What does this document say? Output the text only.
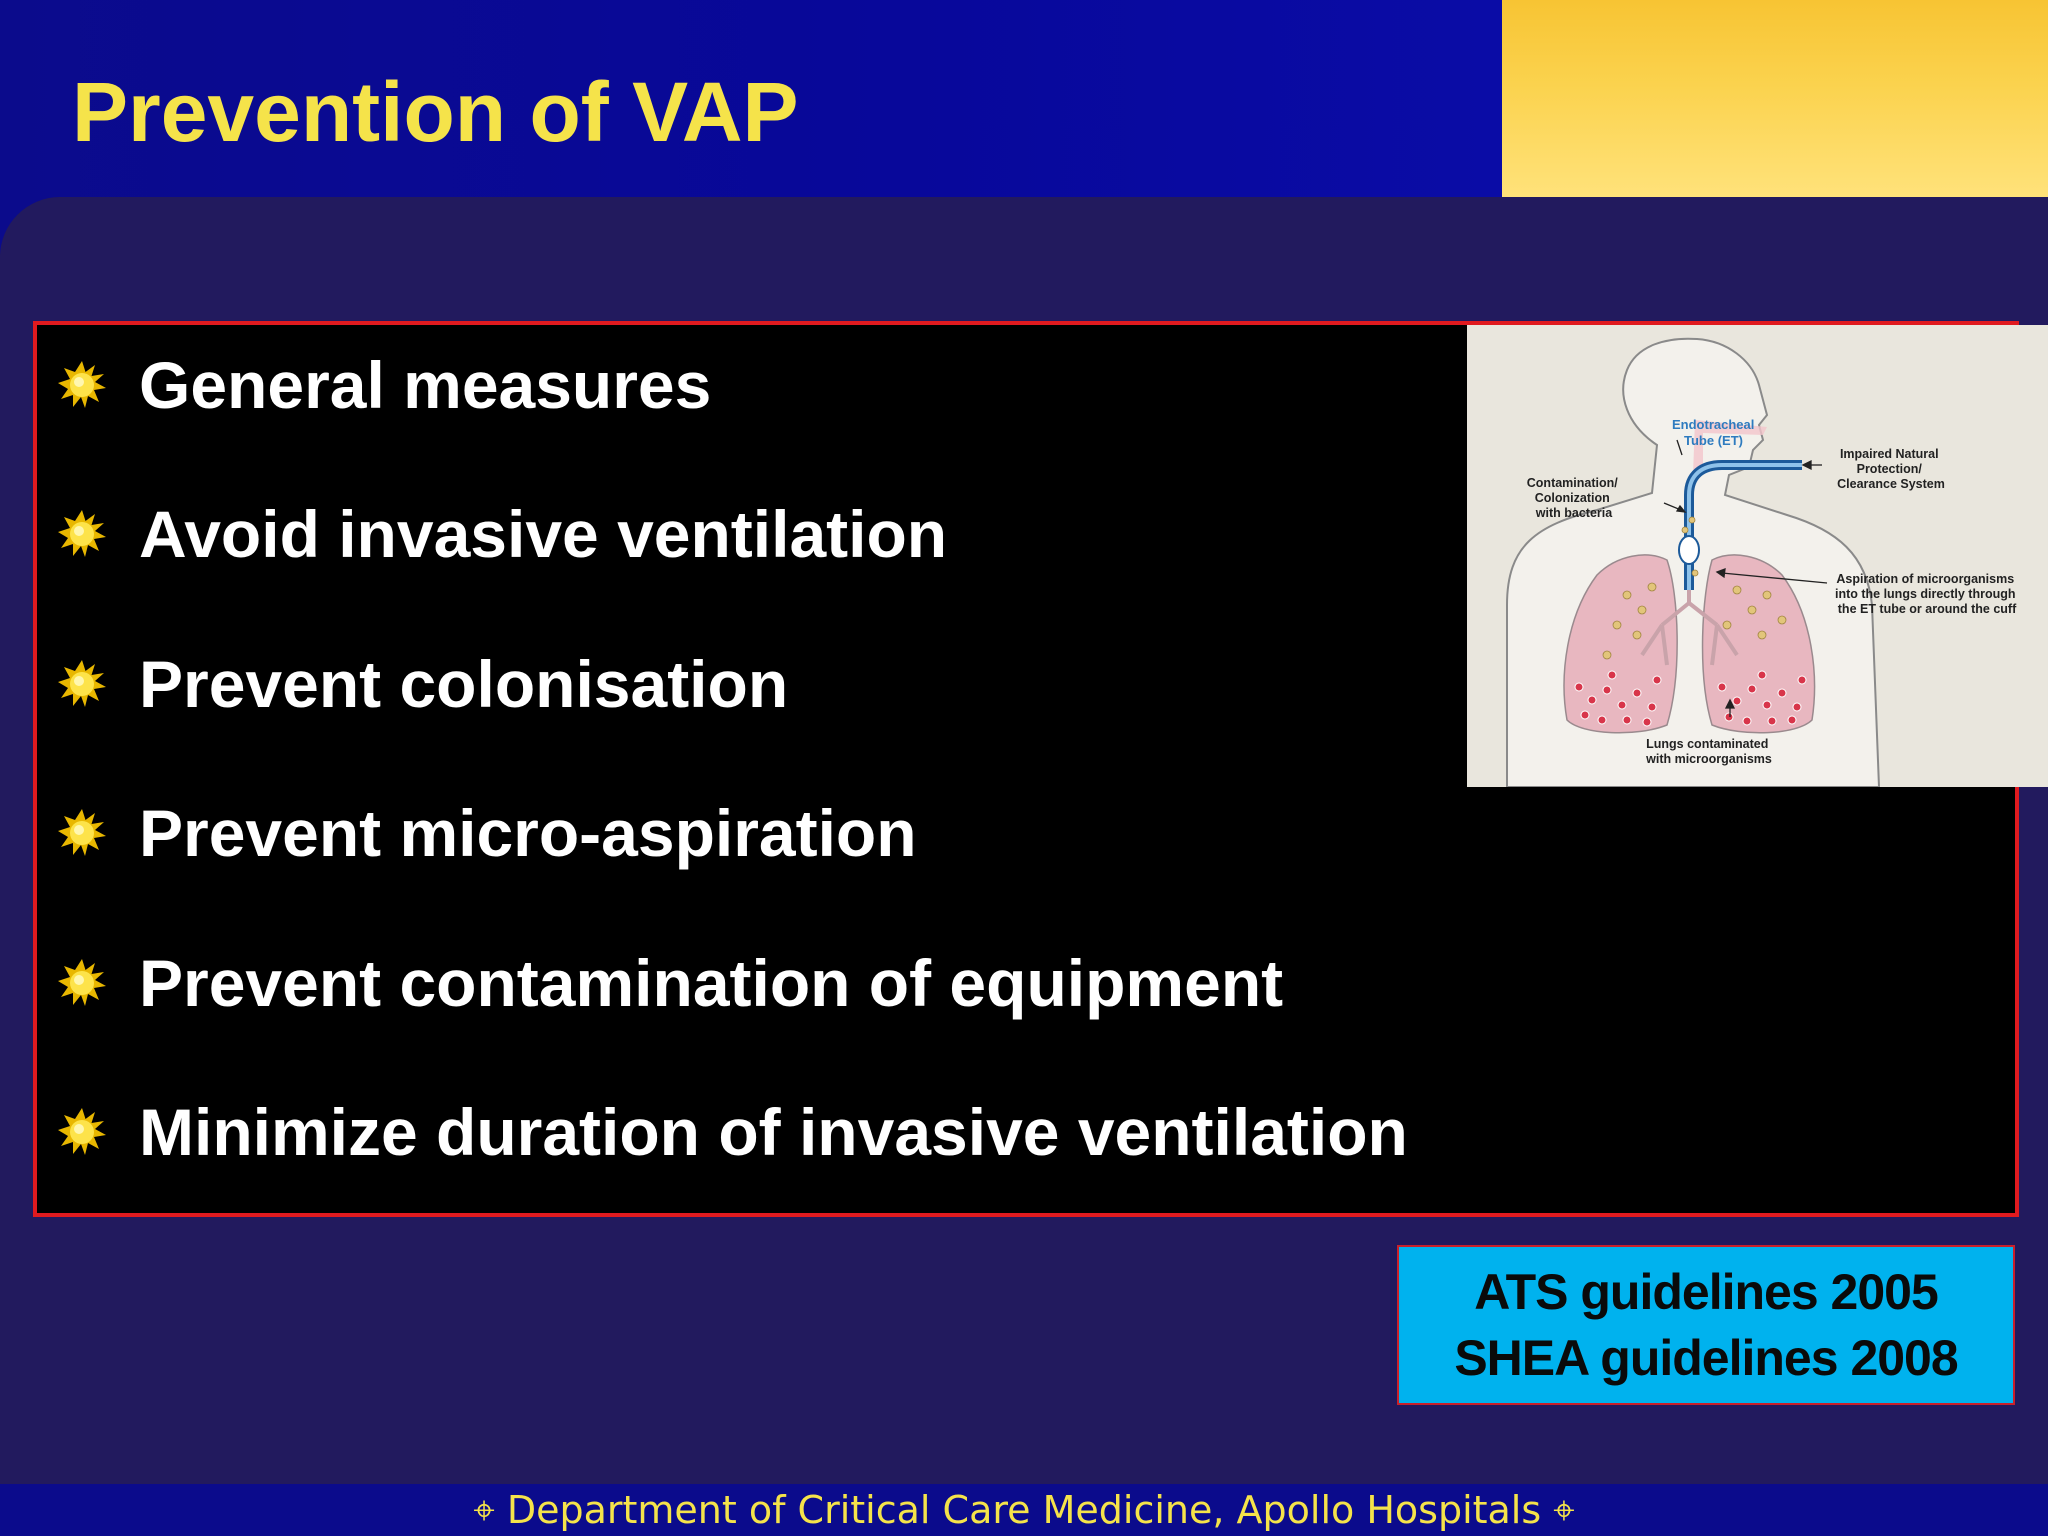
Prevention of VAP
General measures
Avoid invasive ventilation
Prevent colonisation
Prevent micro-aspiration
Prevent contamination of equipment
Minimize duration of invasive ventilation
Endotracheal Tube (ET)
Contamination/ Colonization with bacteria
Impaired Natural Protection/ Clearance System
Aspiration of microorganisms into the lungs directly through the ET tube or around the cuff
Lungs contaminated with microorganisms
ATS guidelines 2005
SHEA guidelines 2008
⌖ Department of Critical Care Medicine, Apollo Hospitals ⌖
